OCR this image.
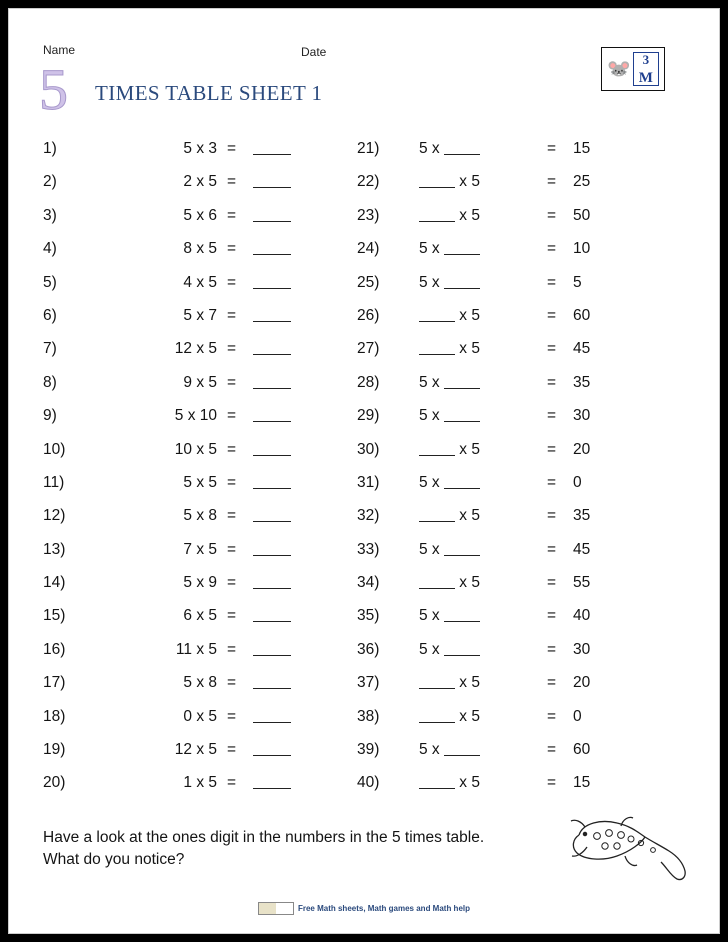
Name	Date
🐭 3
M
5 TIMES TABLE SHEET 1
1)	5 x 3 =
2)	2 x 5 =
3)	5 x 6 =
4)	8 x 5 =
5)	4 x 5 =
6)	5 x 7 =
7)	12 x 5 =
8)	9 x 5 =
9)	5 x 10 =
10)	10 x 5 =
11)	5 x 5 =
12)	5 x 8 =
13)	7 x 5 =
14)	5 x 9 =
15)	6 x 5 =
16)	11 x 5 =
17)	5 x 8 =
18)	0 x 5 =
19)	12 x 5 =
20)	1 x 5 =
21)	5 x	= 15
22)	x 5	= 25
23)	x 5	= 50
24)	5 x	= 10
25)	5 x	= 5
26)	x 5	= 60
27)	x 5	= 45
28)	5 x	= 35
29)	5 x	= 30
30)	x 5	= 20
31)	5 x	= 0
32)	x 5	= 35
33)	5 x	= 45
34)	x 5	= 55
35)	5 x	= 40
36)	5 x	= 30
37)	x 5	= 20
38)	x 5	= 0
39)	5 x	= 60
40)	x 5	= 15
Have a look at the ones digit in the numbers in the 5 times table.
What do you notice?
Free Math sheets, Math games and Math help
